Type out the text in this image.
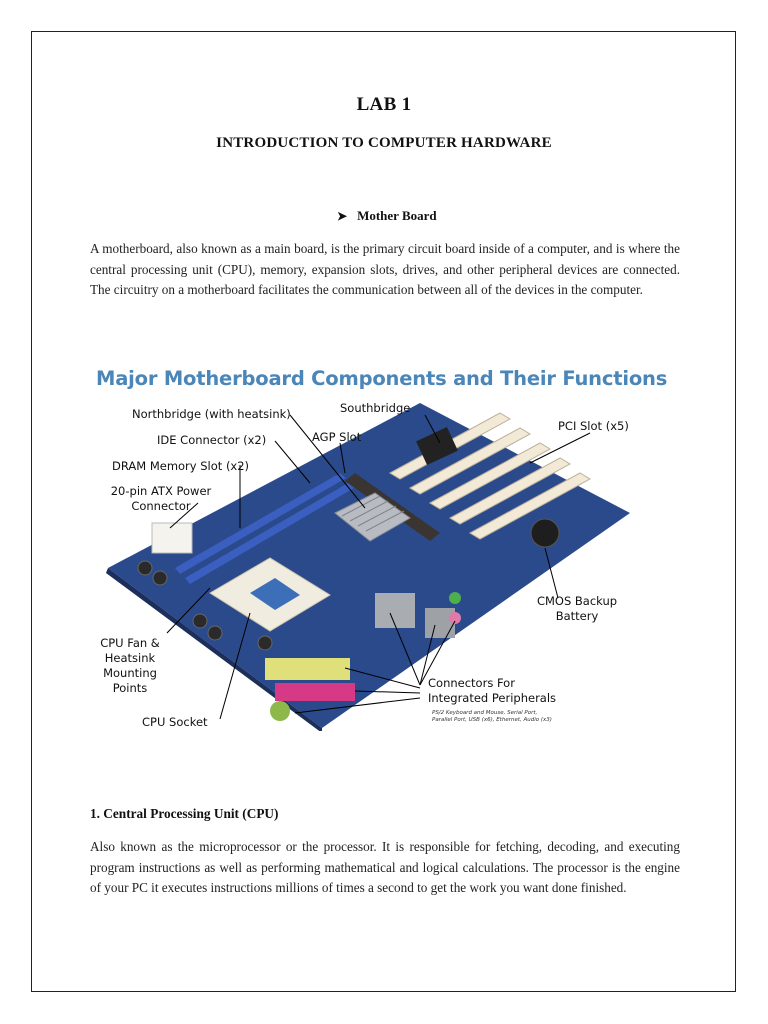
LAB 1
INTRODUCTION TO COMPUTER HARDWARE
➤ Mother Board
A motherboard, also known as a main board, is the primary circuit board inside of a computer, and is where the central processing unit (CPU), memory, expansion slots, drives, and other peripheral devices are connected. The circuitry on a motherboard facilitates the communication between all of the devices in the computer.
Major Motherboard Components and Their Functions
Northbridge (with heatsink)	Southbridge
IDE Connector (x2)	AGP Slot
PCI Slot (x5)
DRAM Memory Slot (x2)
20-pin ATX Power
Connector
CMOS Backup
Battery
CPU Fan &
Heatsink
Mounting
Points	Connectors For
Integrated Peripherals
PS/2 Keyboard and Mouse, Serial Port,
Parallel Port, USB (x6), Ethernet, Audio (x3)
CPU Socket
1. Central Processing Unit (CPU)
Also known as the microprocessor or the processor. It is responsible for fetching, decoding, and executing program instructions as well as performing mathematical and logical calculations. The processor is the engine of your PC it executes instructions millions of times a second to get the work you want done finished.
